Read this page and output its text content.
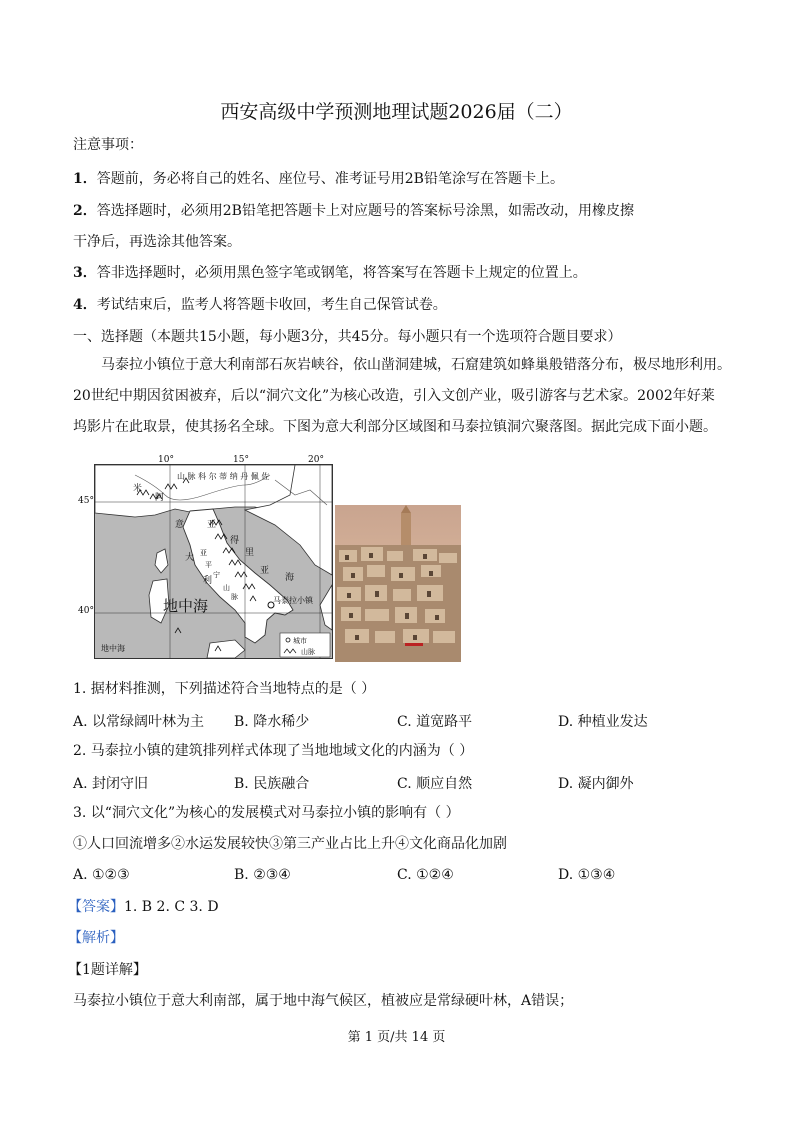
西安高级中学预测地理试题2026届（二）
注意事项：
1．答题前，务必将自己的姓名、座位号、准考证号用2B铅笔涂写在答题卡上。
2．答选择题时，必须用2B铅笔把答题卡上对应题号的答案标号涂黑，如需改动，用橡皮擦
干净后，再选涂其他答案。
3．答非选择题时，必须用黑色签字笔或钢笔，将答案写在答题卡上规定的位置上。
4．考试结束后，监考人将答题卡收回，考生自己保管试卷。
一、选择题（本题共15小题，每小题3分，共45分。每小题只有一个选项符合题目要求）
马泰拉小镇位于意大利南部石灰岩峡谷，依山凿洞建城，石窟建筑如蜂巢般错落分布，极尽地形利用。
20世纪中期因贫困被弃，后以“洞穴文化”为核心改造，引入文创产业，吸引游客与艺术家。2002年好莱
坞影片在此取景，使其扬名全球。下图为意大利部分区域图和马泰拉镇洞穴聚落图。据此完成下面小题。
阿
米
山 脉 科 尔 蒂 纳 丹 佩 佐
意
大
利
亚
得
里
亚
海
亚
平
宁
山
脉
地中海
地中海
马泰拉小镇
城市
山脉
10°	15°	20°
45°
40°
1. 据材料推测，下列描述符合当地特点的是（ ）
A. 以常绿阔叶林为主 B. 降水稀少	C. 道宽路平	D. 种植业发达
2. 马泰拉小镇的建筑排列样式体现了当地地域文化的内涵为（ ）
A. 封闭守旧	B. 民族融合	C. 顺应自然	D. 凝内御外
3. 以“洞穴文化”为核心的发展模式对马泰拉小镇的影响有（ ）
①人口回流增多②水运发展较快③第三产业占比上升④文化商品化加剧
A. ①②③	B. ②③④	C. ①②④	D. ①③④
【答案】1. B 2. C 3. D
【解析】
【1题详解】
马泰拉小镇位于意大利南部，属于地中海气候区，植被应是常绿硬叶林，A错误；
第 1 页/共 14 页
